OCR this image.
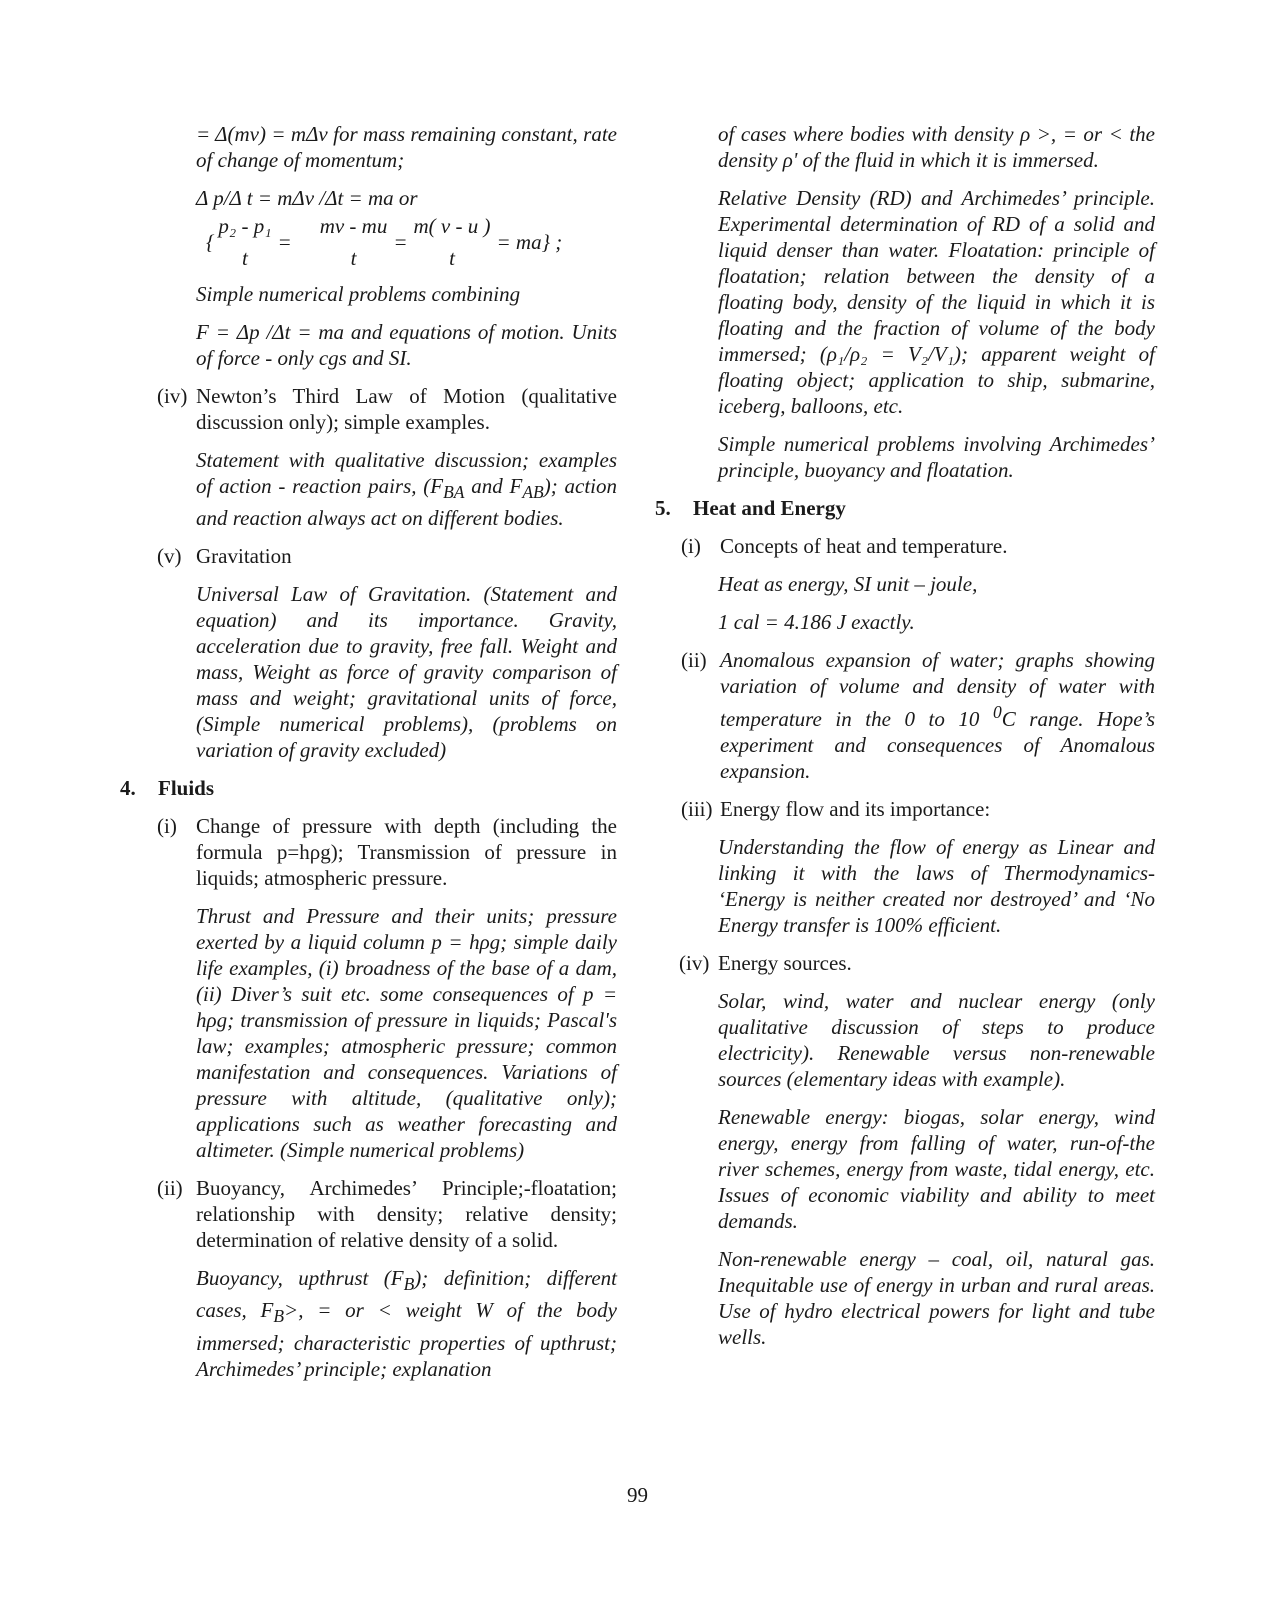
= Δ(mv) = mΔv for mass remaining constant, rate of change of momentum;

Δ p/Δ t = mΔv /Δt = ma or

{
p₂ - p₁
t
=
mv - mu
t
=
m( v - u )
t
= ma} ;

Simple numerical problems combining

F = Δp /Δt = ma and equations of motion. Units of force - only cgs and SI.

(iv) Newton’s Third Law of Motion (qualitative discussion only); simple examples.

Statement with qualitative discussion; examples of action - reaction pairs, ($F_{BA}$ and $F_{AB}$); action and reaction always act on different bodies.

(v) Gravitation

Universal Law of Gravitation. (Statement and equation) and its importance. Gravity, acceleration due to gravity, free fall. Weight and mass, Weight as force of gravity comparison of mass and weight; gravitational units of force, (Simple numerical problems), (problems on variation of gravity excluded)

4.	Fluids
(i) Change of pressure with depth (including the formula p=hρg); Transmission of pressure in liquids; atmospheric pressure.

Thrust and Pressure and their units; pressure exerted by a liquid column p = hρg; simple daily life examples, (i) broadness of the base of a dam, (ii) Diver’s suit etc. some consequences of p = hρg; transmission of pressure in liquids; Pascal's law; examples; atmospheric pressure; common manifestation and consequences. Variations of pressure with altitude, (qualitative only); applications such as weather forecasting and altimeter. (Simple numerical problems)

(ii) Buoyancy, Archimedes’ Principle;-floatation; relationship with density; relative density; determination of relative density of a solid.

Buoyancy, upthrust $(F_B)$; definition; different cases, $F_B>$, = or < weight W of the body immersed; characteristic properties of upthrust; Archimedes’ principle; explanation

of cases where bodies with density ρ >, = or < the density ρ' of the fluid in which it is immersed.

Relative Density (RD) and Archimedes’ principle. Experimental determination of RD of a solid and liquid denser than water. Floatation: principle of floatation; relation between the density of a floating body, density of the liquid in which it is floating and the fraction of volume of the body immersed; (ρ₁/ρ₂ = V₂/V₁); apparent weight of floating object; application to ship, submarine, iceberg, balloons, etc.

Simple numerical problems involving Archimedes’ principle, buoyancy and floatation.

5.	Heat and Energy
(i) Concepts of heat and temperature.

Heat as energy, SI unit – joule,

1 cal = 4.186 J exactly.

(ii) Anomalous expansion of water; graphs showing variation of volume and density of water with temperature in the 0 to 10 $^0$C range. Hope’s experiment and consequences of Anomalous expansion.
(iii) Energy flow and its importance:

Understanding the flow of energy as Linear and linking it with the laws of Thermodynamics- ‘Energy is neither created nor destroyed’ and ‘No Energy transfer is 100% efficient.

(iv) Energy sources.

Solar, wind, water and nuclear energy (only qualitative discussion of steps to produce electricity). Renewable versus non-renewable sources (elementary ideas with example).

Renewable energy: biogas, solar energy, wind energy, energy from falling of water, run-of-the river schemes, energy from waste, tidal energy, etc. Issues of economic viability and ability to meet demands.

Non-renewable energy – coal, oil, natural gas. Inequitable use of energy in urban and rural areas. Use of hydro electrical powers for light and tube wells.

99
